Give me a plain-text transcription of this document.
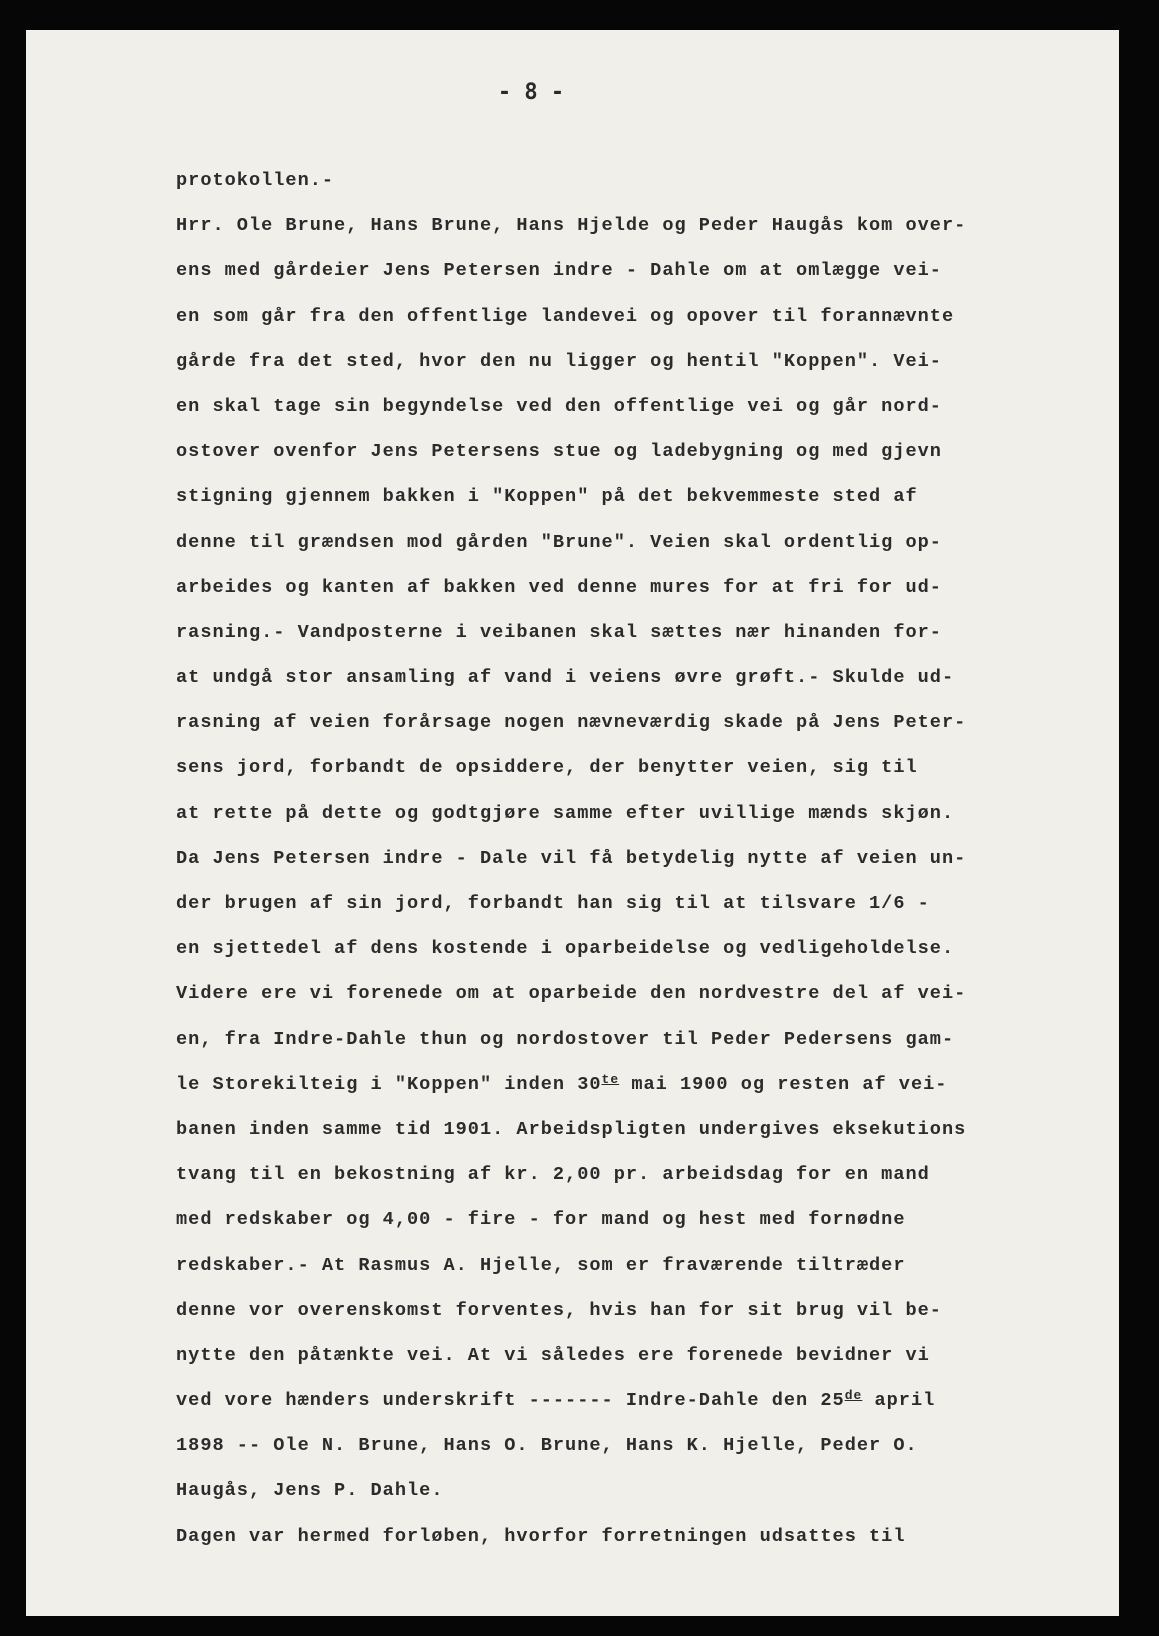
- 8 -
protokollen.-
Hrr. Ole Brune, Hans Brune, Hans Hjelde og Peder Haugås kom over-
ens med gårdeier Jens Petersen indre - Dahle om at omlægge vei-
en som går fra den offentlige landevei og opover til forannævnte
gårde fra det sted, hvor den nu ligger og hentil "Koppen". Vei-
en skal tage sin begyndelse ved den offentlige vei og går nord-
ostover ovenfor Jens Petersens stue og ladebygning og med gjevn
stigning gjennem bakken i "Koppen" på det bekvemmeste sted af
denne til grændsen mod gården "Brune". Veien skal ordentlig op-
arbeides og kanten af bakken ved denne mures for at fri for ud-
rasning.- Vandposterne i veibanen skal sættes nær hinanden for-
at undgå stor ansamling af vand i veiens øvre grøft.- Skulde ud-
rasning af veien forårsage nogen nævneværdig skade på Jens Peter-
sens jord, forbandt de opsiddere, der benytter veien, sig til
at rette på dette og godtgjøre samme efter uvillige mænds skjøn.
Da Jens Petersen indre - Dale vil få betydelig nytte af veien un-
der brugen af sin jord, forbandt han sig til at tilsvare 1/6 -
en sjettedel af dens kostende i oparbeidelse og vedligeholdelse.
Videre ere vi forenede om at oparbeide den nordvestre del af vei-
en, fra Indre-Dahle thun og nordostover til Peder Pedersens gam-
le Storekilteig i "Koppen" inden $30^{te}$ mai 1900 og resten af vei-
banen inden samme tid 1901. Arbeidspligten undergives eksekutions
tvang til en bekostning af kr. 2,00 pr. arbeidsdag for en mand
med redskaber og 4,00 - fire - for mand og hest med fornødne
redskaber.- At Rasmus A. Hjelle, som er fraværende tiltræder
denne vor overenskomst forventes, hvis han for sit brug vil be-
nytte den påtænkte vei. At vi således ere forenede bevidner vi
ved vore hænders underskrift ------- Indre-Dahle den 25de april
1898 -- Ole N. Brune, Hans O. Brune, Hans K. Hjelle, Peder O.
Haugås, Jens P. Dahle.
Dagen var hermed forløben, hvorfor forretningen udsattes til
